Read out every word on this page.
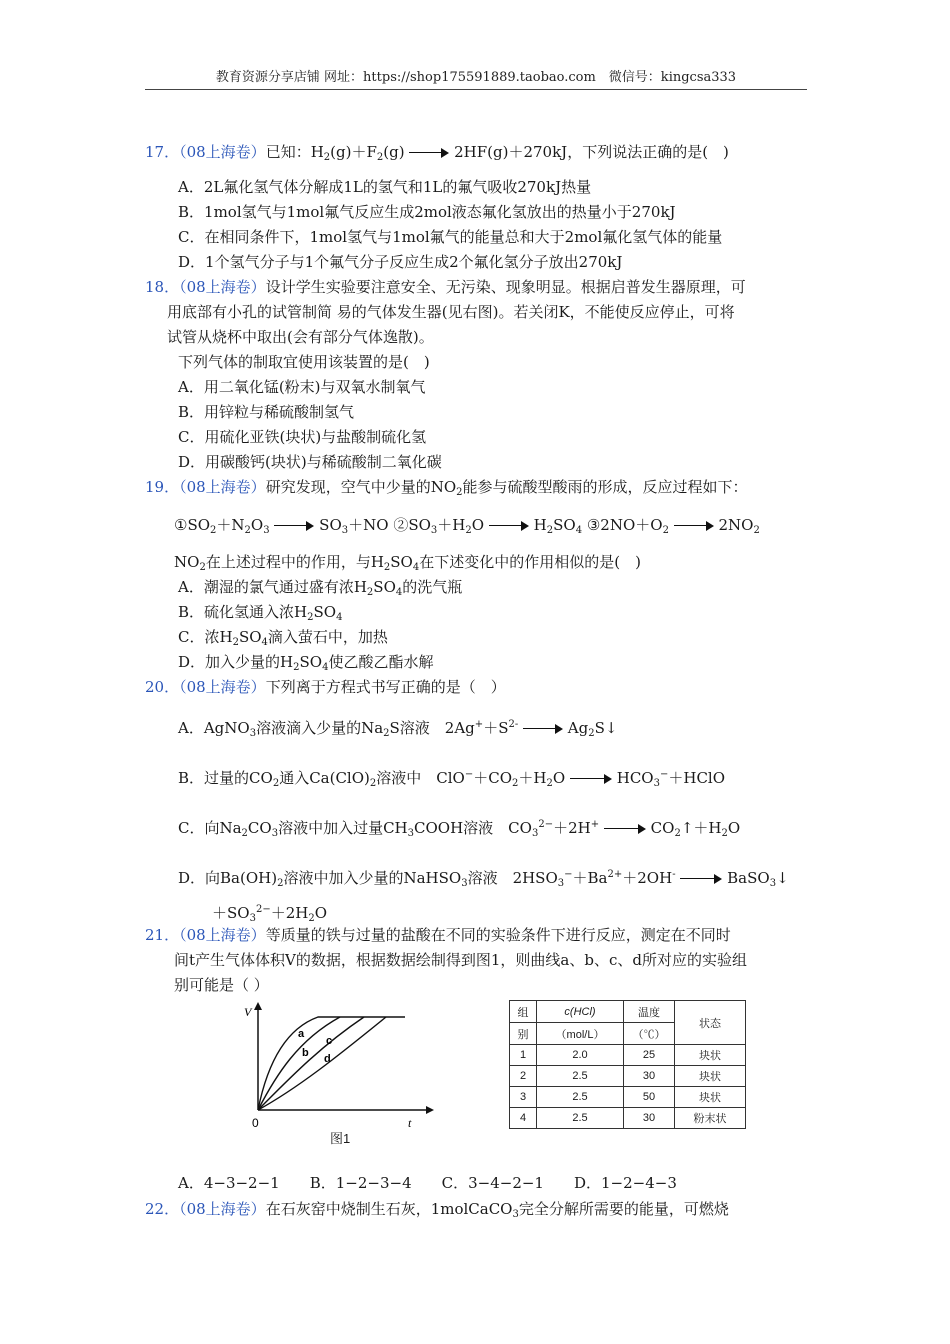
教育资源分享店铺 网址：https://shop175591889.taobao.com　微信号：kingcsa333
17．（08上海卷）已知：$H_2(g)+F_2(g)$	2HF(g)＋270kJ，下列说法正确的是(　)
A．2L氟化氢气体分解成1L的氢气和1L的氟气吸收270kJ热量
B．1mol氢气与1mol氟气反应生成2mol液态氟化氢放出的热量小于270kJ
C．在相同条件下，1mol氢气与1mol氟气的能量总和大于2mol氟化氢气体的能量
D．1个氢气分子与1个氟气分子反应生成2个氟化氢分子放出270kJ
18．（08上海卷）设计学生实验要注意安全、无污染、现象明显。根据启普发生器原理，可
用底部有小孔的试管制简 易的气体发生器(见右图)。若关闭K，不能使反应停止，可将
试管从烧杯中取出(会有部分气体逸散)。
下列气体的制取宜使用该装置的是(　)
A．用二氧化锰(粉末)与双氧水制氧气
B．用锌粒与稀硫酸制氢气
C．用硫化亚铁(块状)与盐酸制硫化氢
D．用碳酸钙(块状)与稀硫酸制二氧化碳
19．（08上海卷）研究发现，空气中少量的$NO_2$能参与硫酸型酸雨的形成，反应过程如下：
$①SO_2+N_2O_3$	$SO_3+NO$ $②SO_3+H_2O$	$H_2SO_4$ $③2NO+O_2$	$2NO_2$
$NO_2$在上述过程中的作用，与$H_2SO_4$在下述变化中的作用相似的是(　)
A．潮湿的氯气通过盛有浓$H_2SO_4$的洗气瓶
B．硫化氢通入浓$H_2SO_4$
C．浓$H_2SO_4$滴入萤石中，加热
D．加入少量的$H_2SO_4$使乙酸乙酯水解
20．（08上海卷）下列离于方程式书写正确的是（　）
A．AgNO$_3$溶液滴入少量的$Na_2S$溶液　$2Ag^++S^{2-}$	$Ag_2S↓$
B．过量的$CO_2$通入$Ca(ClO)_2$溶液中　$ClO^-+CO_2+H_2O$	$HCO_3^-+HClO$
C．向$Na_2CO_3$溶液中加入过量$CH_3COOH$溶液　$CO_3^{2-}+2H^+$	$CO_2↑+H_2O$
D．向$Ba(OH)_2$溶液中加入少量的NaHSO$_3$溶液　$2HSO_3^-+Ba^{2+}+2OH^-$	BaSO$_3$↓
$+SO_3^{2-}+2H_2O$
21．（08上海卷）等质量的铁与过量的盐酸在不同的实验条件下进行反应，测定在不同时
间t产生气体体积V的数据，根据数据绘制得到图1，则曲线a、b、c、d所对应的实验组
别可能是（ ）
V
t
0
a
b
c
d
图1
组	c(HCl)	温度	状态
别	（mol/L）	（℃）	
1	2.0	25	块状
2	2.5	30	块状
3	2.5	50	块状
4	2.5	30	粉末状
A．4−3−2−1　　B．1−2−3−4　　C．3−4−2−1　　D．1−2−4−3
22．（08上海卷）在石灰窑中烧制生石灰，1molCaCO$_3$完全分解所需要的能量，可燃烧
